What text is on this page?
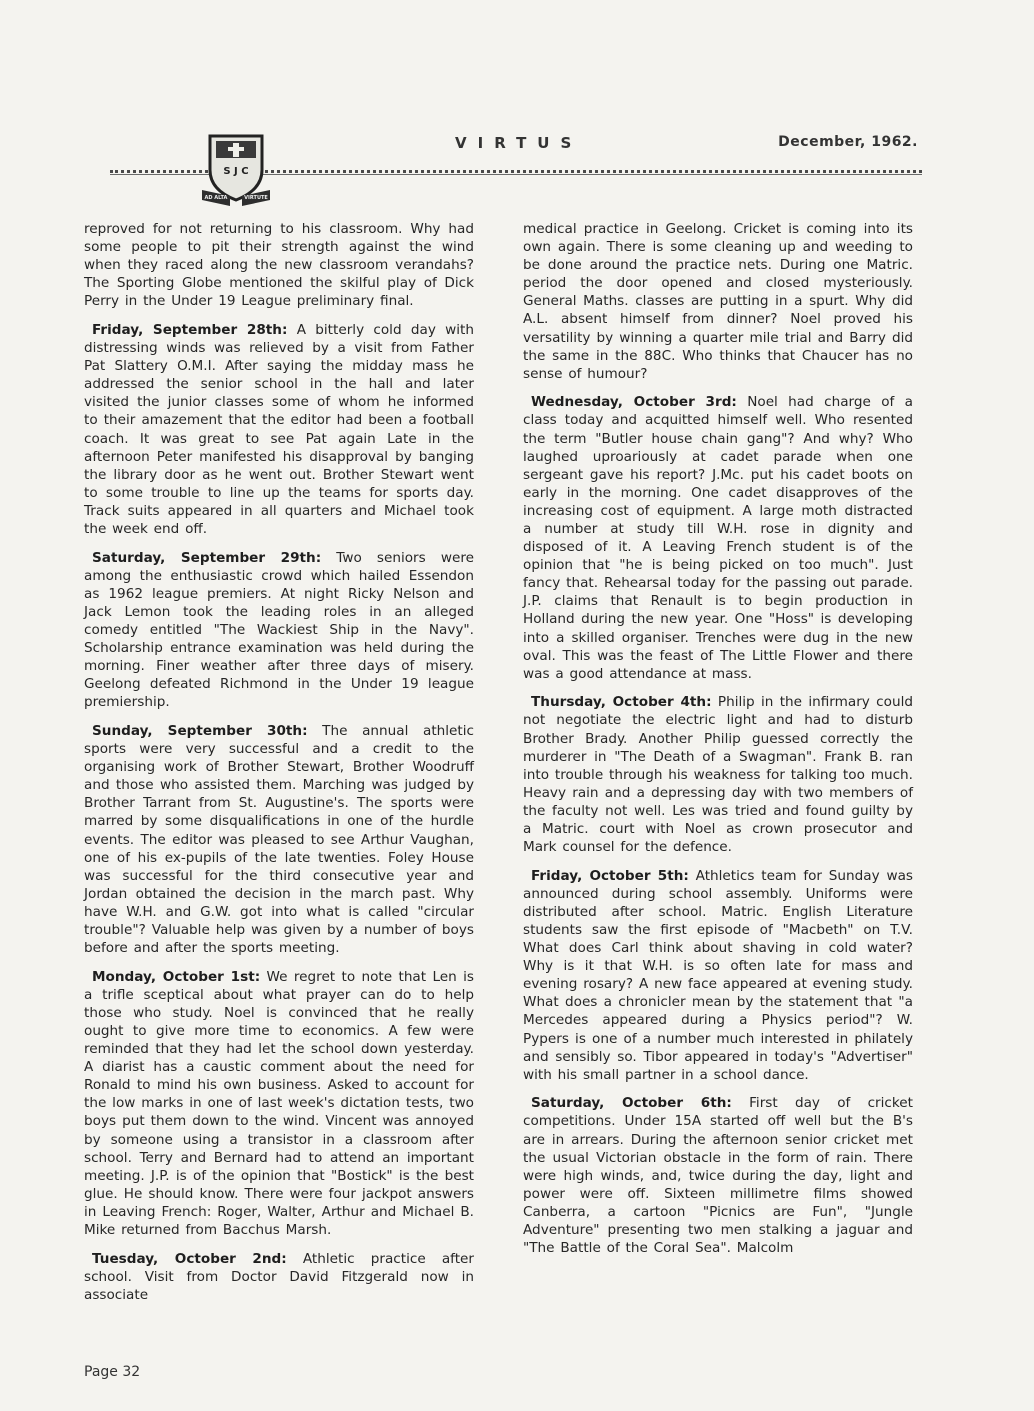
S J C
AD ALTA	VIRTUTE
VIRTUS	December, 1962.

reproved for not returning to his classroom. Why had some people to pit their strength against the wind when they raced along the new classroom verandahs? The Sporting Globe mentioned the skilful play of Dick Perry in the Under 19 League preliminary final.

Friday, September 28th: A bitterly cold day with distressing winds was relieved by a visit from Father Pat Slattery O.M.I. After saying the midday mass he addressed the senior school in the hall and later visited the junior classes some of whom he informed to their amazement that the editor had been a football coach. It was great to see Pat again Late in the afternoon Peter manifested his disapproval by banging the library door as he went out. Brother Stewart went to some trouble to line up the teams for sports day. Track suits appeared in all quarters and Michael took the week end off.

Saturday, September 29th: Two seniors were among the enthusiastic crowd which hailed Essendon as 1962 league premiers. At night Ricky Nelson and Jack Lemon took the leading roles in an alleged comedy entitled "The Wackiest Ship in the Navy". Scholarship entrance examination was held during the morning. Finer weather after three days of misery. Geelong defeated Richmond in the Under 19 league premiership.

Sunday, September 30th: The annual athletic sports were very successful and a credit to the organising work of Brother Stewart, Brother Woodruff and those who assisted them. Marching was judged by Brother Tarrant from St. Augustine's. The sports were marred by some disqualifications in one of the hurdle events. The editor was pleased to see Arthur Vaughan, one of his ex-pupils of the late twenties. Foley House was successful for the third consecutive year and Jordan obtained the decision in the march past. Why have W.H. and G.W. got into what is called "circular trouble"? Valuable help was given by a number of boys before and after the sports meeting.

Monday, October 1st: We regret to note that Len is a trifle sceptical about what prayer can do to help those who study. Noel is convinced that he really ought to give more time to economics. A few were reminded that they had let the school down yesterday. A diarist has a caustic comment about the need for Ronald to mind his own business. Asked to account for the low marks in one of last week's dictation tests, two boys put them down to the wind. Vincent was annoyed by someone using a transistor in a classroom after school. Terry and Bernard had to attend an important meeting. J.P. is of the opinion that "Bostick" is the best glue. He should know. There were four jackpot answers in Leaving French: Roger, Walter, Arthur and Michael B. Mike returned from Bacchus Marsh.

Tuesday, October 2nd: Athletic practice after school. Visit from Doctor David Fitzgerald now in associate

medical practice in Geelong. Cricket is coming into its own again. There is some cleaning up and weeding to be done around the practice nets. During one Matric. period the door opened and closed mysteriously. General Maths. classes are putting in a spurt. Why did A.L. absent himself from dinner? Noel proved his versatility by winning a quarter mile trial and Barry did the same in the 88C. Who thinks that Chaucer has no sense of humour?

Wednesday, October 3rd: Noel had charge of a class today and acquitted himself well. Who resented the term "Butler house chain gang"? And why? Who laughed uproariously at cadet parade when one sergeant gave his report? J.Mc. put his cadet boots on early in the morning. One cadet disapproves of the increasing cost of equipment. A large moth distracted a number at study till W.H. rose in dignity and disposed of it. A Leaving French student is of the opinion that "he is being picked on too much". Just fancy that. Rehearsal today for the passing out parade. J.P. claims that Renault is to begin production in Holland during the new year. One "Hoss" is developing into a skilled organiser. Trenches were dug in the new oval. This was the feast of The Little Flower and there was a good attendance at mass.

Thursday, October 4th: Philip in the infirmary could not negotiate the electric light and had to disturb Brother Brady. Another Philip guessed correctly the murderer in "The Death of a Swagman". Frank B. ran into trouble through his weakness for talking too much. Heavy rain and a depressing day with two members of the faculty not well. Les was tried and found guilty by a Matric. court with Noel as crown prosecutor and Mark counsel for the defence.

Friday, October 5th: Athletics team for Sunday was announced during school assembly. Uniforms were distributed after school. Matric. English Literature students saw the first episode of "Macbeth" on T.V. What does Carl think about shaving in cold water? Why is it that W.H. is so often late for mass and evening rosary? A new face appeared at evening study. What does a chronicler mean by the statement that "a Mercedes appeared during a Physics period"? W. Pypers is one of a number much interested in philately and sensibly so. Tibor appeared in today's "Advertiser" with his small partner in a school dance.

Saturday, October 6th: First day of cricket competitions. Under 15A started off well but the B's are in arrears. During the afternoon senior cricket met the usual Victorian obstacle in the form of rain. There were high winds, and, twice during the day, light and power were off. Sixteen millimetre films showed Canberra, a cartoon "Picnics are Fun", "Jungle Adventure" presenting two men stalking a jaguar and "The Battle of the Coral Sea". Malcolm

Page 32
